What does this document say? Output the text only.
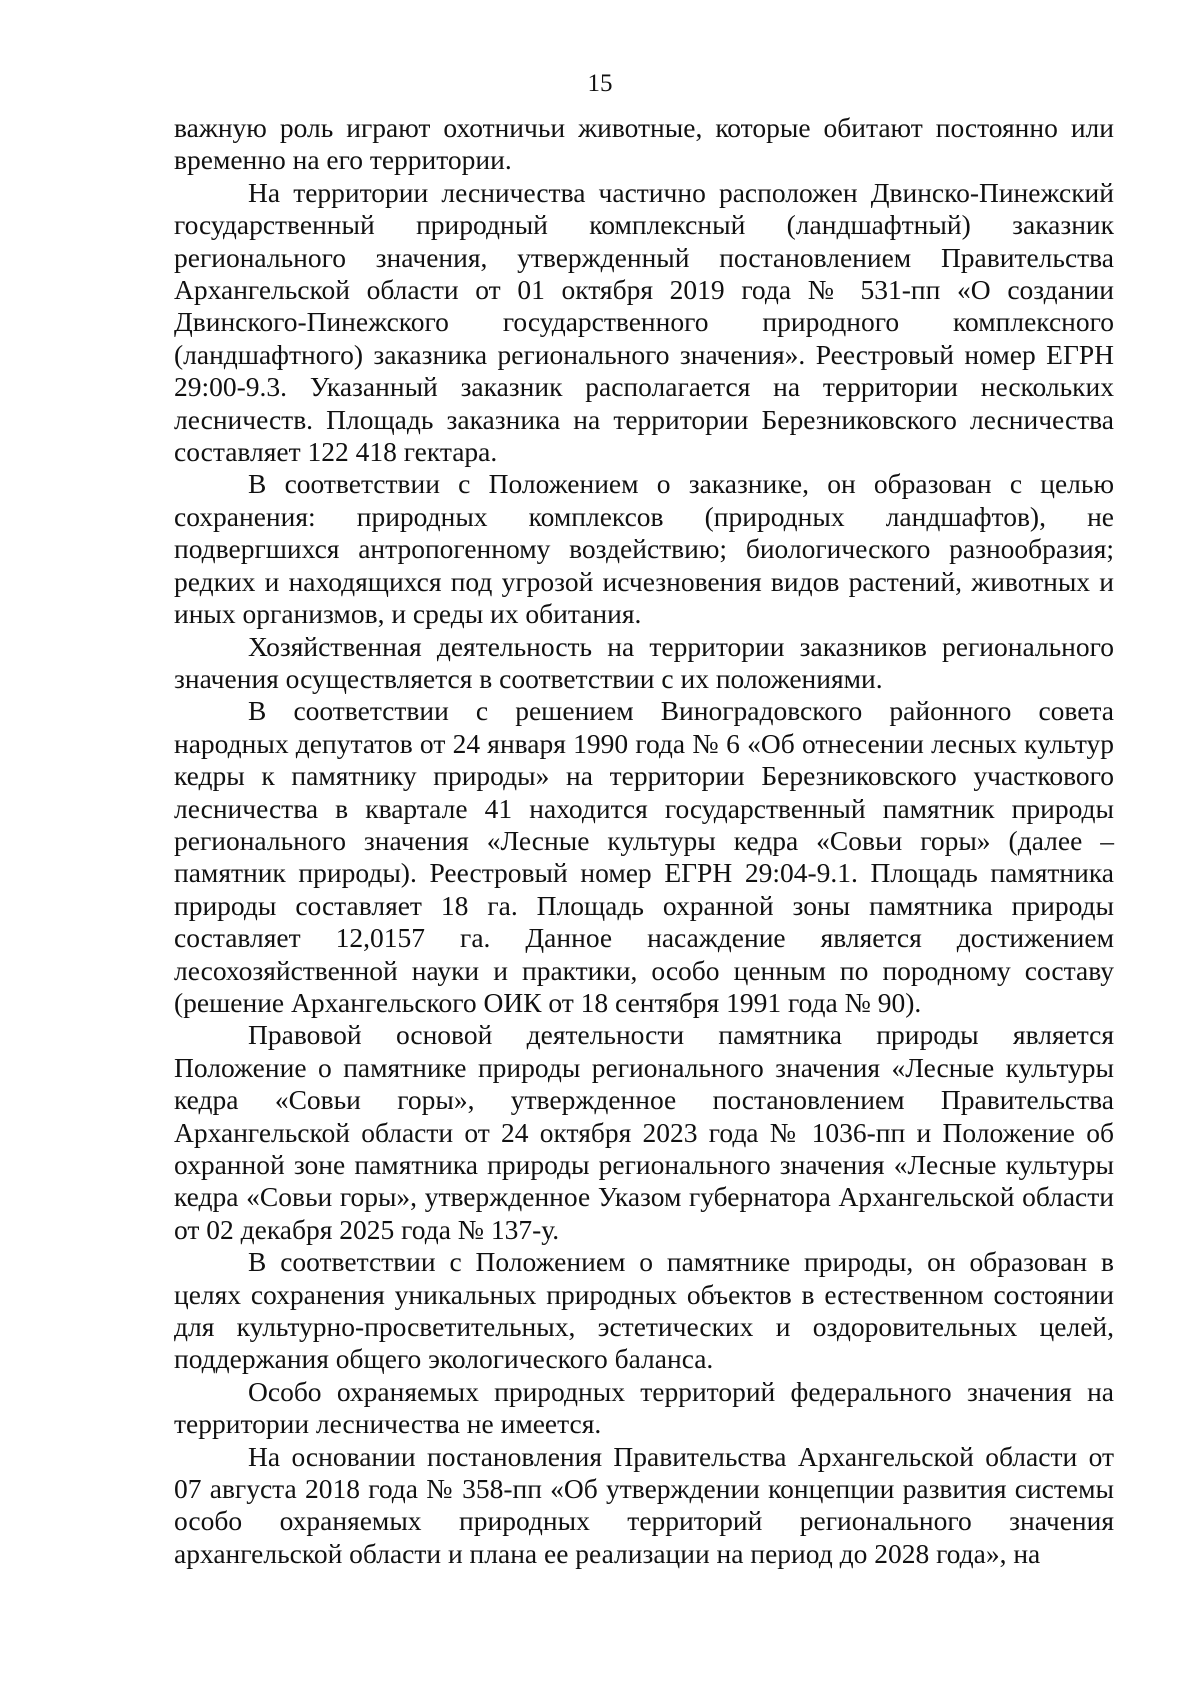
15

важную роль играют охотничьи животные, которые обитают постоянно или временно на его территории.

На территории лесничества частично расположен Двинско-Пинежский государственный природный комплексный (ландшафтный) заказник регионального значения, утвержденный постановлением Правительства Архангельской области от 01 октября 2019 года № 531-пп «О создании Двинского-Пинежского государственного природного комплексного (ландшафтного) заказника регионального значения». Реестровый номер ЕГРН 29:00-9.3. Указанный заказник располагается на территории нескольких лесничеств. Площадь заказника на территории Березниковского лесничества составляет 122 418 гектара.

В соответствии с Положением о заказнике, он образован с целью сохранения: природных комплексов (природных ландшафтов), не подвергшихся антропогенному воздействию; биологического разнообразия; редких и находящихся под угрозой исчезновения видов растений, животных и иных организмов, и среды их обитания.

Хозяйственная деятельность на территории заказников регионального значения осуществляется в соответствии с их положениями.

В соответствии с решением Виноградовского районного совета народных депутатов от 24 января 1990 года № 6 «Об отнесении лесных культур кедры к памятнику природы» на территории Березниковского участкового лесничества в квартале 41 находится государственный памятник природы регионального значения «Лесные культуры кедра «Совьи горы» (далее – памятник природы). Реестровый номер ЕГРН 29:04-9.1. Площадь памятника природы составляет 18 га. Площадь охранной зоны памятника природы составляет 12,0157 га. Данное насаждение является достижением лесохозяйственной науки и практики, особо ценным по породному составу (решение Архангельского ОИК от 18 сентября 1991 года № 90).

Правовой основой деятельности памятника природы является Положение о памятнике природы регионального значения «Лесные культуры кедра «Совьи горы», утвержденное постановлением Правительства Архангельской области от 24 октября 2023 года № 1036-пп и Положение об охранной зоне памятника природы регионального значения «Лесные культуры кедра «Совьи горы», утвержденное Указом губернатора Архангельской области от 02 декабря 2025 года № 137-у.

В соответствии с Положением о памятнике природы, он образован в целях сохранения уникальных природных объектов в естественном состоянии для культурно-просветительных, эстетических и оздоровительных целей, поддержания общего экологического баланса.

Особо охраняемых природных территорий федерального значения на территории лесничества не имеется.

На основании постановления Правительства Архангельской области от 07 августа 2018 года № 358-пп «Об утверждении концепции развития системы особо охраняемых природных территорий регионального значения архангельской области и плана ее реализации на период до 2028 года», на
